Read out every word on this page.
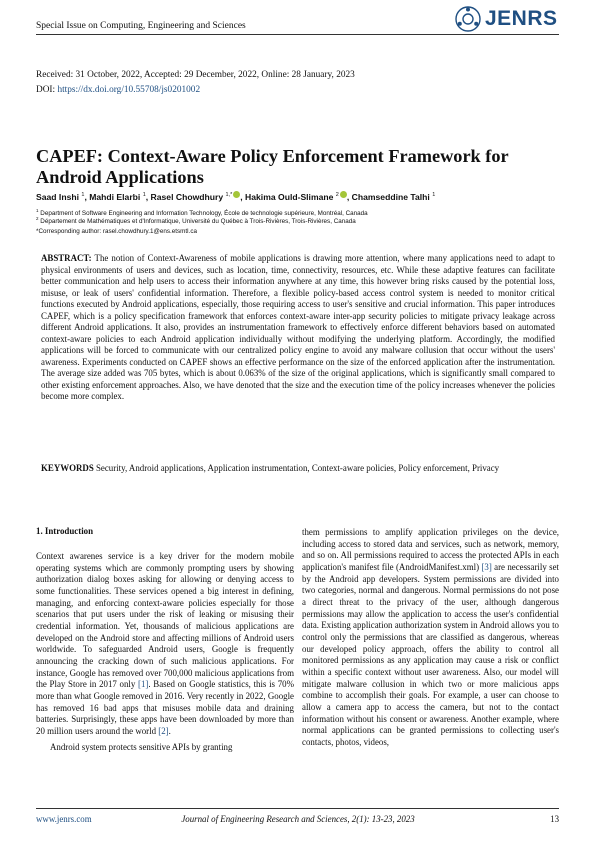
Special Issue on Computing, Engineering and Sciences	JENRS
Received: 31 October, 2022, Accepted: 29 December, 2022, Online: 28 January, 2023
DOI: https://dx.doi.org/10.55708/js0201002
CAPEF: Context-Aware Policy Enforcement Framework for Android Applications
Saad Inshi $^1$, Mahdi Elarbi $^1$, Rasel Chowdhury $^{1,*}$ , Hakima Ould-Slimane $^2$ , Chamseddine Talhi $^1$
$^1$ Department of Software Engineering and Information Technology, École de technologie supérieure, Montréal, Canada
$^2$ Département de Mathématiques et d'Informatique, Université du Québec à Trois-Rivières, Trois-Rivières, Canada
*Corresponding author: rasel.chowdhury.1@ens.etsmtl.ca
ABSTRACT: The notion of Context-Awareness of mobile applications is drawing more attention, where many applications need to adapt to physical environments of users and devices, such as location, time, connectivity, resources, etc. While these adaptive features can facilitate better communication and help users to access their information anywhere at any time, this however bring risks caused by the potential loss, misuse, or leak of users' confidential information. Therefore, a flexible policy-based access control system is needed to monitor critical functions executed by Android applications, especially, those requiring access to user's sensitive and crucial information. This paper introduces CAPEF, which is a policy specification framework that enforces context-aware inter-app security policies to mitigate privacy leakage across different Android applications. It also, provides an instrumentation framework to effectively enforce different behaviors based on automated context-aware policies to each Android application individually without modifying the underlying platform. Accordingly, the modified applications will be forced to communicate with our centralized policy engine to avoid any malware collusion that occur without the users' awareness. Experiments conducted on CAPEF shows an effective performance on the size of the enforced application after the instrumentation. The average size added was 705 bytes, which is about 0.063% of the size of the original applications, which is significantly small compared to other existing enforcement approaches. Also, we have denoted that the size and the execution time of the policy increases whenever the policies become more complex.
KEYWORDS Security, Android applications, Application instrumentation, Context-aware policies, Policy enforcement, Privacy
1. Introduction

Context awarenes service is a key driver for the modern mobile operating systems which are commonly prompting users by showing authorization dialog boxes asking for allowing or denying access to some functionalities. These services opened a big interest in defining, managing, and enforcing context-aware policies especially for those scenarios that put users under the risk of leaking or misusing their credential information. Yet, thousands of malicious applications are developed on the Android store and affecting millions of Android users worldwide. To safeguarded Android users, Google is frequently announcing the cracking down of such malicious applications. For instance, Google has removed over 700,000 malicious applications from the Play Store in 2017 only [1]. Based on Google statistics, this is 70% more than what Google removed in 2016. Very recently in 2022, Google has removed 16 bad apps that misuses mobile data and draining batteries. Surprisingly, these apps have been downloaded by more than 20 million users around the world [2].

Android system protects sensitive APIs by granting

them permissions to amplify application privileges on the device, including access to stored data and services, such as network, memory, and so on. All permissions required to access the protected APIs in each application's manifest file (AndroidManifest.xml) [3] are necessarily set by the Android app developers. System permissions are divided into two categories, normal and dangerous. Normal permissions do not pose a direct threat to the privacy of the user, although dangerous permissions may allow the application to access the user's confidential data. Existing application authorization system in Android allows you to control only the permissions that are classified as dangerous, whereas our developed policy approach, offers the ability to control all monitored permissions as any application may cause a risk or conflict within a specific context without user awareness. Also, our model will mitigate malware collusion in which two or more malicious apps combine to accomplish their goals. For example, a user can choose to allow a camera app to access the camera, but not to the contact information without his consent or awareness. Another example, where normal applications can be granted permissions to collecting user's contacts, photos, videos,

www.jenrs.com	Journal of Engineering Research and Sciences, 2(1): 13-23, 2023	13
